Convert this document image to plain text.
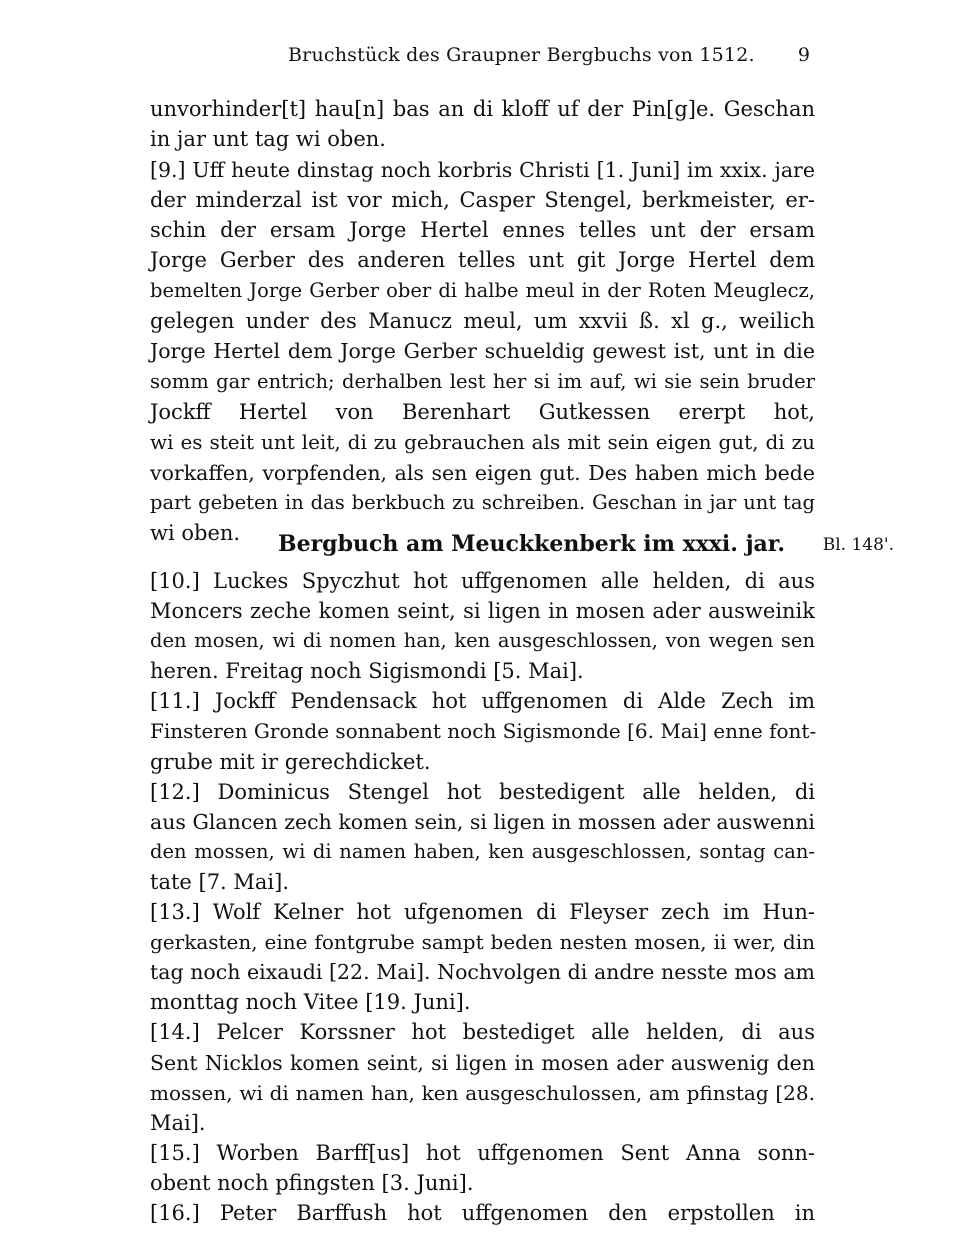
Bruchstück des Graupner Bergbuchs von 1512. 9
unvorhinder[t] hau[n] bas an di kloff uf der Pin[g]e. Geschan
in jar unt tag wi oben.
[9.] Uff heute dinstag noch korbris Christi [1. Juni] im xxix. jare
der minderzal ist vor mich, Casper Stengel, berkmeister, er-
schin der ersam Jorge Hertel ennes telles unt der ersam
Jorge Gerber des anderen telles unt git Jorge Hertel dem
bemelten Jorge Gerber ober di halbe meul in der Roten Meuglecz,
gelegen under des Manucz meul, um xxvii ß. xl g., weilich
Jorge Hertel dem Jorge Gerber schueldig gewest ist, unt in die
somm gar entrich; derhalben lest her si im auf, wi sie sein bruder
Jockff Hertel von Berenhart Gutkessen ererpt hot,
wi es steit unt leit, di zu gebrauchen als mit sein eigen gut, di zu
vorkaffen, vorpfenden, als sen eigen gut. Des haben mich bede
part gebeten in das berkbuch zu schreiben. Geschan in jar unt tag
wi oben.	Bergbuch am Meuckkenberk im xxxi. jar. Bl. 148'.
[10.] Luckes Spyczhut hot uffgenomen alle helden, di aus
Moncers zeche komen seint, si ligen in mosen ader ausweinik
den mosen, wi di nomen han, ken ausgeschlossen, von wegen sen
heren. Freitag noch Sigismondi [5. Mai].
[11.] Jockff Pendensack hot uffgenomen di Alde Zech im
Finsteren Gronde sonnabent noch Sigismonde [6. Mai] enne font-
grube mit ir gerechdicket.
[12.] Dominicus Stengel hot bestedigent alle helden, di
aus Glancen zech komen sein, si ligen in mossen ader auswenni
den mossen, wi di namen haben, ken ausgeschlossen, sontag can-
tate [7. Mai].
[13.] Wolf Kelner hot ufgenomen di Fleyser zech im Hun-
gerkasten, eine fontgrube sampt beden nesten mosen, ii wer, din
tag noch eixaudi [22. Mai]. Nochvolgen di andre nesste mos am
monttag noch Vitee [19. Juni].
[14.] Pelcer Korssner hot bestediget alle helden, di aus
Sent Nicklos komen seint, si ligen in mosen ader auswenig den
mossen, wi di namen han, ken ausgeschulossen, am pfinstag [28.
Mai].
[15.] Worben Barff[us] hot uffgenomen Sent Anna sonn-
obent noch pfingsten [3. Juni].
[16.] Peter Barffush hot uffgenomen den erpstollen in
